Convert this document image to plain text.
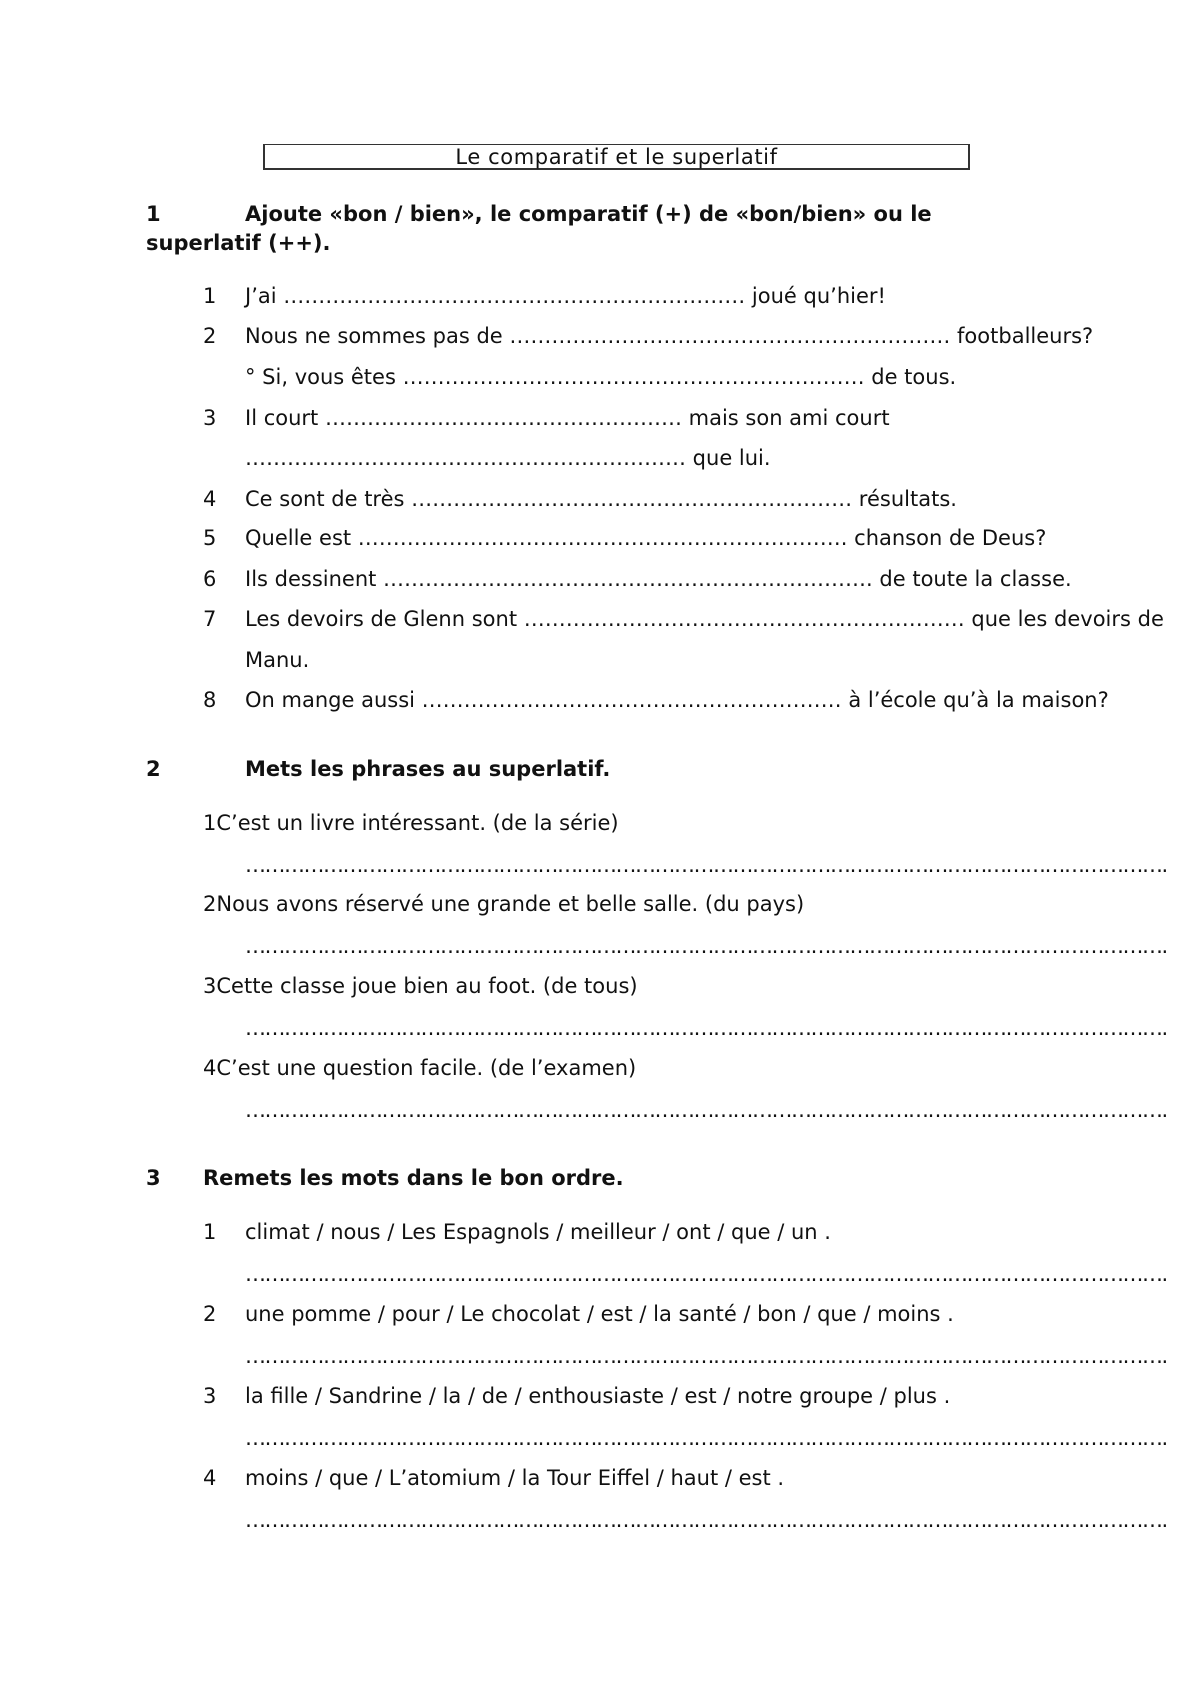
Le comparatif et le superlatif
1	Ajoute «bon / bien», le comparatif (+) de «bon/bien» ou le
superlatif (++).
1 J’ai ………………………………………………………… joué qu’hier!
2 Nous ne sommes pas de ……………………………………………………… footballeurs?
° Si, vous êtes ………………………………………………………… de tous.
3 Il court …………………………………………… mais son ami court
……………………………………………………… que lui.
4 Ce sont de très ……………………………………………………… résultats.
5 Quelle est ……………………………………………………………. chanson de Deus?
6 Ils dessinent ……………………………………………………………. de toute la classe.
7 Les devoirs de Glenn sont ……………………………………………………… que les devoirs de
Manu.
8 On mange aussi …………………………………………………… à l’école qu’à la maison?
2	Mets les phrases au superlatif.
1C’est un livre intéressant. (de la série)
…………………………………………………………………………………………………………………………….
2Nous avons réservé une grande et belle salle. (du pays)
…………………………………………………………………………………………………………………………….
3Cette classe joue bien au foot. (de tous)
…………………………………………………………………………………………………………………………….
4C’est une question facile. (de l’examen)
…………………………………………………………………………………………………………………………….
3 Remets les mots dans le bon ordre.
1 climat / nous / Les Espagnols / meilleur / ont / que / un .
…………………………………………………………………………………………………………………………….
2 une pomme / pour / Le chocolat / est / la santé / bon / que / moins .
…………………………………………………………………………………………………………………………….
3 la fille / Sandrine / la / de / enthousiaste / est / notre groupe / plus .
…………………………………………………………………………………………………………………………….
4 moins / que / L’atomium / la Tour Eiffel / haut / est .
…………………………………………………………………………………………………………………………….
